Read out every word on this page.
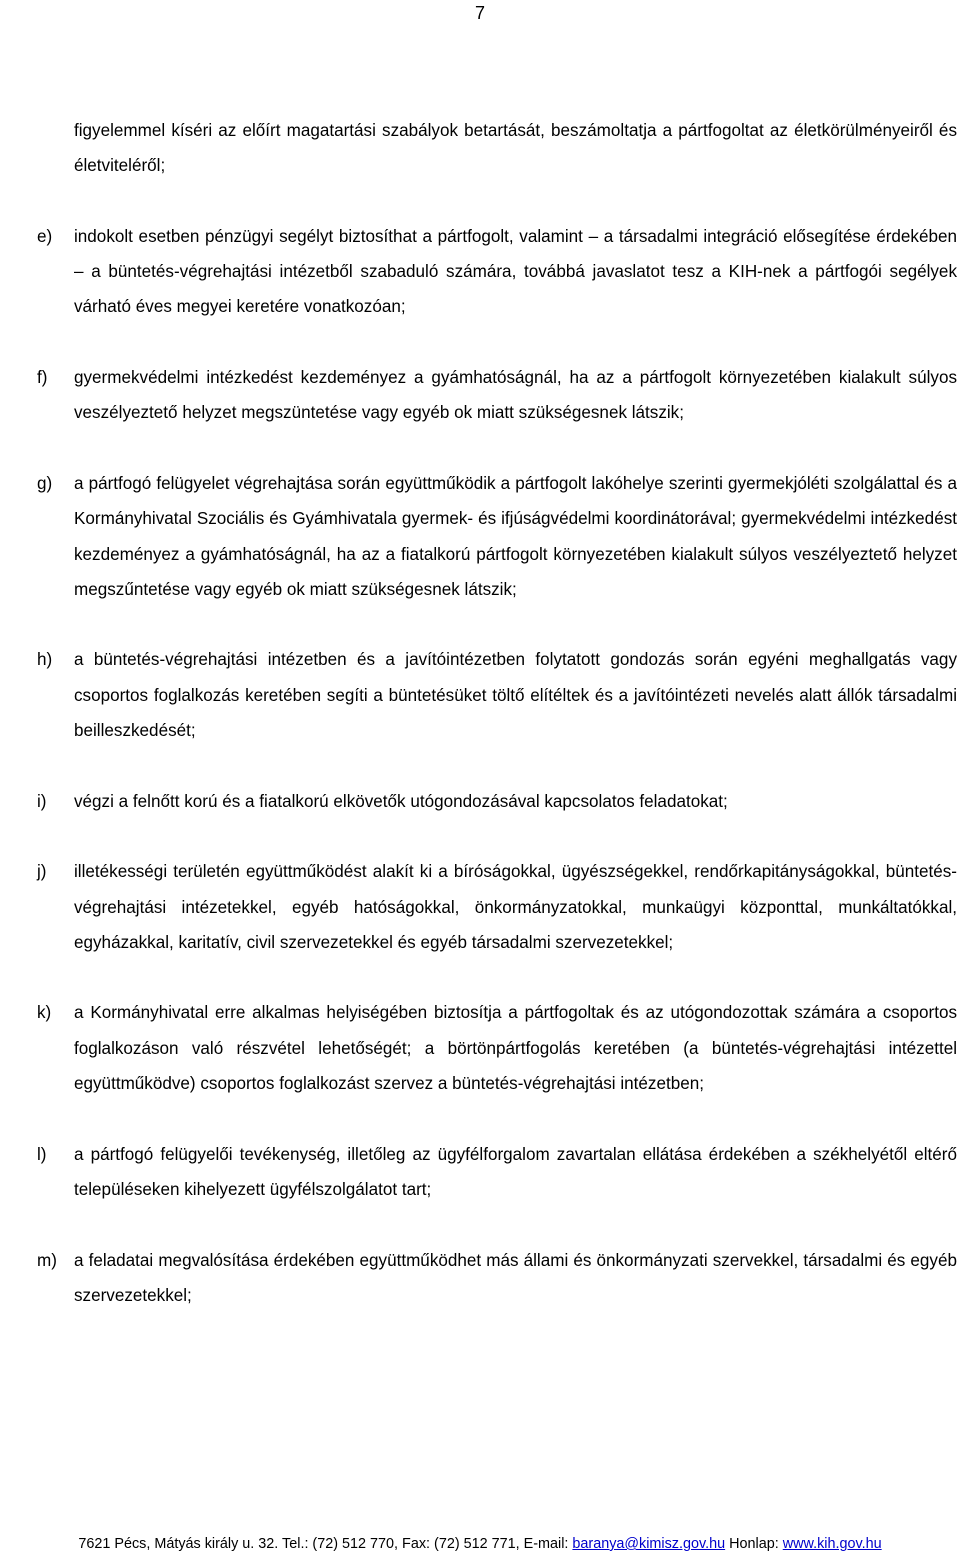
7

figyelemmel kíséri az előírt magatartási szabályok betartását, beszámoltatja a pártfogoltat az életkörülményeiről és életviteléről;

e)	indokolt esetben pénzügyi segélyt biztosíthat a pártfogolt, valamint – a társadalmi integráció elősegítése érdekében – a büntetés-végrehajtási intézetből szabaduló számára, továbbá javaslatot tesz a KIH-nek a pártfogói segélyek várható éves megyei keretére vonatkozóan;
f)	gyermekvédelmi intézkedést kezdeményez a gyámhatóságnál, ha az a pártfogolt környezetében kialakult súlyos veszélyeztető helyzet megszüntetése vagy egyéb ok miatt szükségesnek látszik;
g)	a pártfogó felügyelet végrehajtása során együttműködik a pártfogolt lakóhelye szerinti gyermekjóléti szolgálattal és a Kormányhivatal Szociális és Gyámhivatala gyermek- és ifjúságvédelmi koordinátorával; gyermekvédelmi intézkedést kezdeményez a gyámhatóságnál, ha az a fiatalkorú pártfogolt környezetében kialakult súlyos veszélyeztető helyzet megszűntetése vagy egyéb ok miatt szükségesnek látszik;
h)	a büntetés-végrehajtási intézetben és a javítóintézetben folytatott gondozás során egyéni meghallgatás vagy csoportos foglalkozás keretében segíti a büntetésüket töltő elítéltek és a javítóintézeti nevelés alatt állók társadalmi beilleszkedését;
i)	végzi a felnőtt korú és a fiatalkorú elkövetők utógondozásával kapcsolatos feladatokat;
j)	illetékességi területén együttműködést alakít ki a bíróságokkal, ügyészségekkel, rendőrkapitányságokkal, büntetés-végrehajtási intézetekkel, egyéb hatóságokkal, önkormányzatokkal, munkaügyi központtal, munkáltatókkal, egyházakkal, karitatív, civil szervezetekkel és egyéb társadalmi szervezetekkel;
k)	a Kormányhivatal erre alkalmas helyiségében biztosítja a pártfogoltak és az utógondozottak számára a csoportos foglalkozáson való részvétel lehetőségét; a börtönpártfogolás keretében (a büntetés-végrehajtási intézettel együttműködve) csoportos foglalkozást szervez a büntetés-végrehajtási intézetben;
l)	a pártfogó felügyelői tevékenység, illetőleg az ügyfélforgalom zavartalan ellátása érdekében a székhelyétől eltérő településeken kihelyezett ügyfélszolgálatot tart;
m) a feladatai megvalósítása érdekében együttműködhet más állami és önkormányzati szervekkel, társadalmi és egyéb szervezetekkel;
7621 Pécs, Mátyás király u. 32. Tel.: (72) 512 770, Fax: (72) 512 771, E-mail: baranya@kimisz.gov.hu Honlap: www.kih.gov.hu
